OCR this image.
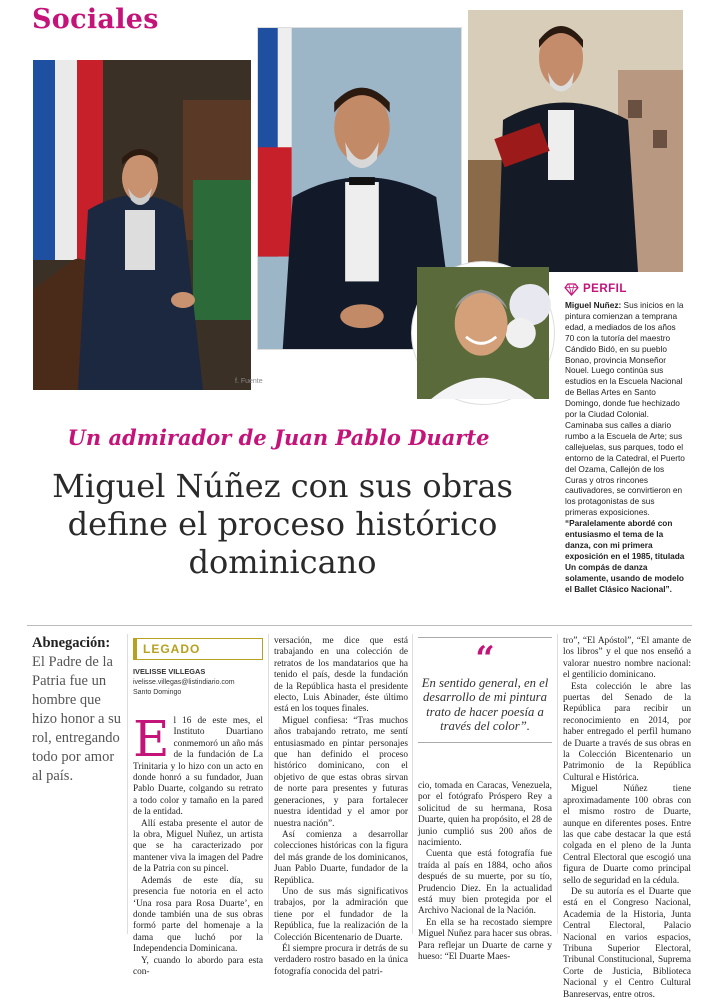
Sociales
f. Fuente
PERFIL

Miguel Nuñez: Sus inicios en la pintura comienzan a temprana edad, a mediados de los años 70 con la tutoría del maestro Cándido Bidó, en su pueblo Bonao, provincia Monseñor Nouel. Luego continúa sus estudios en la Escuela Nacional de Bellas Artes en Santo Domingo, donde fue hechizado por la Ciudad Colonial.

Caminaba sus calles a diario rumbo a la Escuela de Arte; sus callejuelas, sus parques, todo el entorno de la Catedral, el Puerto del Ozama, Callejón de los Curas y otros rincones cautivadores, se convirtieron en los protagonistas de sus primeras exposiciones.

“Paralelamente abordé con entusiasmo el tema de la danza, con mi primera exposición en el 1985, titulada Un compás de danza solamente, usando de modelo el Ballet Clásico Nacional”.

Un admirador de Juan Pablo Duarte
Miguel Núñez con sus obras define el proceso histórico dominicano
Abnegación:
El Padre de la Patria fue un hombre que hizo honor a su rol, entregando todo por amor al país.
LEGADO
IVELISSE VILLEGAS
ivelisse.villegas@listindiario.com
Santo Domingo

El 16 de este mes, el Instituto Duartiano conmemoró un año más de la fundación de La Trinitaria y lo hizo con un acto en donde honró a su fundador, Juan Pablo Duarte, colgando su retrato a todo color y tamaño en la pared de la entidad.

Allí estaba presente el autor de la obra, Miguel Nuñez, un artista que se ha caracterizado por mantener viva la imagen del Padre de la Patria con su pincel.

Además de este día, su presencia fue notoria en el acto ‘Una rosa para Rosa Duarte’, en donde también una de sus obras formó parte del homenaje a la dama que luchó por la Independencia Dominicana.

Y, cuando lo abordo para esta con-

versación, me dice que está trabajando en una colección de retratos de los mandatarios que ha tenido el país, desde la fundación de la República hasta el presidente electo, Luis Abinader, éste último está en los toques finales.

Miguel confiesa: “Tras muchos años trabajando retrato, me sentí entusiasmado en pintar personajes que han definido el proceso histórico dominicano, con el objetivo de que estas obras sirvan de norte para presentes y futuras generaciones, y para fortalecer nuestra identidad y el amor por nuestra nación”.

Así comienza a desarrollar colecciones históricas con la figura del más grande de los dominicanos, Juan Pablo Duarte, fundador de la República.

Uno de sus más significativos trabajos, por la admiración que tiene por el fundador de la República, fue la realización de la Colección Bicentenario de Duarte.

Él siempre procura ir detrás de su verdadero rostro basado en la única fotografía conocida del patri-

“
En sentido general, en el desarrollo de mi pintura trato de hacer poesía a través del color”.

cio, tomada en Caracas, Venezuela, por el fotógrafo Próspero Rey a solicitud de su hermana, Rosa Duarte, quien ha propósito, el 28 de junio cumplió sus 200 años de nacimiento.

Cuenta que está fotografía fue traída al país en 1884, ocho años después de su muerte, por su tío, Prudencio Diez. En la actualidad está muy bien protegida por el Archivo Nacional de la Nación.

En ella se ha recostado siempre Miguel Nuñez para hacer sus obras. Para reflejar un Duarte de carne y hueso: “El Duarte Maes-

tro”, “El Apóstol”, “El amante de los libros” y el que nos enseñó a valorar nuestro nombre nacional: el gentilicio dominicano.

Esta colección le abre las puertas del Senado de la República para recibir un reconocimiento en 2014, por haber entregado el perfil humano de Duarte a través de sus obras en la Colección Bicentenario un Patrimonio de la República Cultural e Histórica.

Miguel Núñez tiene aproximadamente 100 obras con el mismo rostro de Duarte, aunque en diferentes poses. Entre las que cabe destacar la que está colgada en el pleno de la Junta Central Electoral que escogió una figura de Duarte como principal sello de seguridad en la cédula.

De su autoría es el Duarte que está en el Congreso Nacional, Academia de la Historia, Junta Central Electoral, Palacio Nacional en varios espacios, Tribuna Superior Electoral, Tribunal Constitucional, Suprema Corte de Justicia, Biblioteca Nacional y el Centro Cultural Banreservas, entre otros.
